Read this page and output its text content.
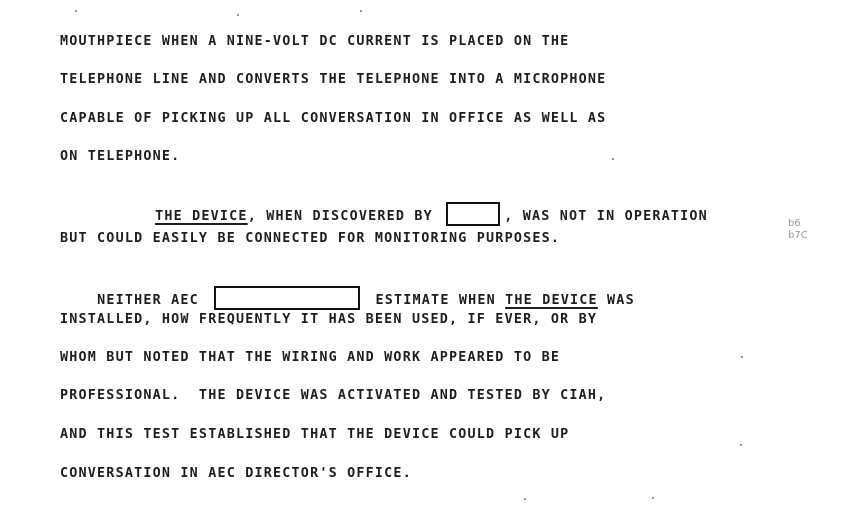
MOUTHPIECE WHEN A NINE-VOLT DC CURRENT IS PLACED ON THE
TELEPHONE LINE AND CONVERTS THE TELEPHONE INTO A MICROPHONE
CAPABLE OF PICKING UP ALL CONVERSATION IN OFFICE AS WELL AS
ON TELEPHONE.

THE DEVICE, WHEN DISCOVERED BY	, WAS NOT IN OPERATION

BUT COULD EASILY BE CONNECTED FOR MONITORING PURPOSES.

NEITHER AEC	ESTIMATE WHEN THE DEVICE WAS

INSTALLED, HOW FREQUENTLY IT HAS BEEN USED, IF EVER, OR BY
WHOM BUT NOTED THAT THE WIRING AND WORK APPEARED TO BE
PROFESSIONAL.  THE DEVICE WAS ACTIVATED AND TESTED BY CIAH,
AND THIS TEST ESTABLISHED THAT THE DEVICE COULD PICK UP
CONVERSATION IN AEC DIRECTOR'S OFFICE.
b6
b7C
